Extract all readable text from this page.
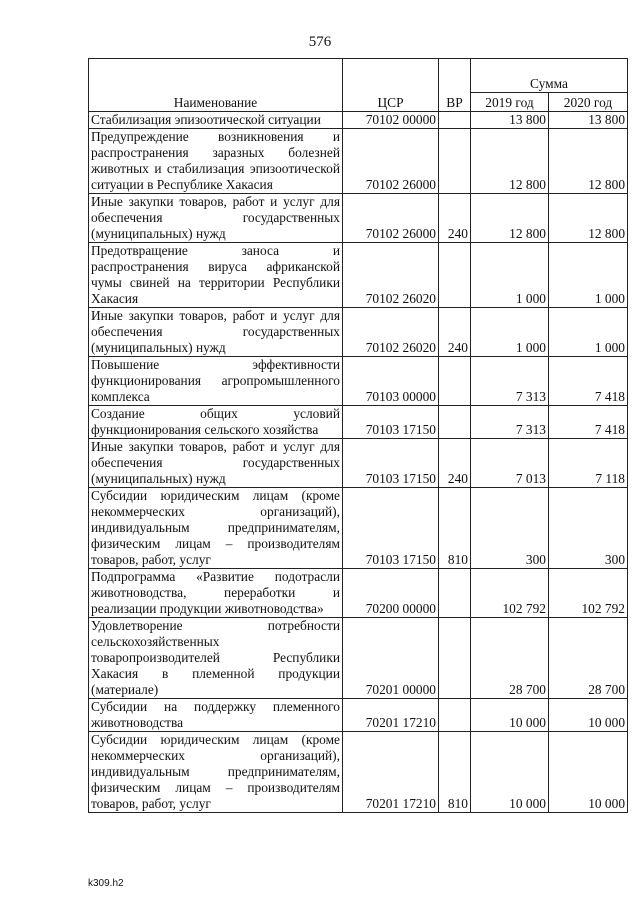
576
Наименование	ЦСР	ВР	Сумма	
			2019 год	2020 год
Стабилизация эпизоотической ситуации	70102 00000		13 800	13 800
Предупреждение возникновения и распространения заразных болезней животных и стабилизация эпизоотической ситуации в Республике Хакасия	70102 26000		12 800	12 800
Иные закупки товаров, работ и услуг для обеспечения государственных (муниципальных) нужд	70102 26000	240	12 800	12 800
Предотвращение заноса и распространения вируса африканской чумы свиней на территории Республики Хакасия	70102 26020		1 000	1 000
Иные закупки товаров, работ и услуг для обеспечения государственных (муниципальных) нужд	70102 26020	240	1 000	1 000
Повышение эффективности функционирования агропромышленного комплекса	70103 00000		7 313	7 418
Создание общих условий функционирования сельского хозяйства	70103 17150		7 313	7 418
Иные закупки товаров, работ и услуг для обеспечения государственных (муниципальных) нужд	70103 17150	240	7 013	7 118
Субсидии юридическим лицам (кроме некоммерческих организаций), индивидуальным предпринимателям, физическим лицам – производителям товаров, работ, услуг	70103 17150	810	300	300
Подпрограмма «Развитие подотрасли животноводства, переработки и реализации продукции животноводства»	70200 00000		102 792	102 792
Удовлетворение потребности сельскохозяйственных товаропроизводителей Республики Хакасия в племенной продукции (материале)	70201 00000		28 700	28 700
Субсидии на поддержку племенного животноводства	70201 17210		10 000	10 000
Субсидии юридическим лицам (кроме некоммерческих организаций), индивидуальным предпринимателям, физическим лицам – производителям товаров, работ, услуг	70201 17210	810	10 000	10 000
k309.h2
